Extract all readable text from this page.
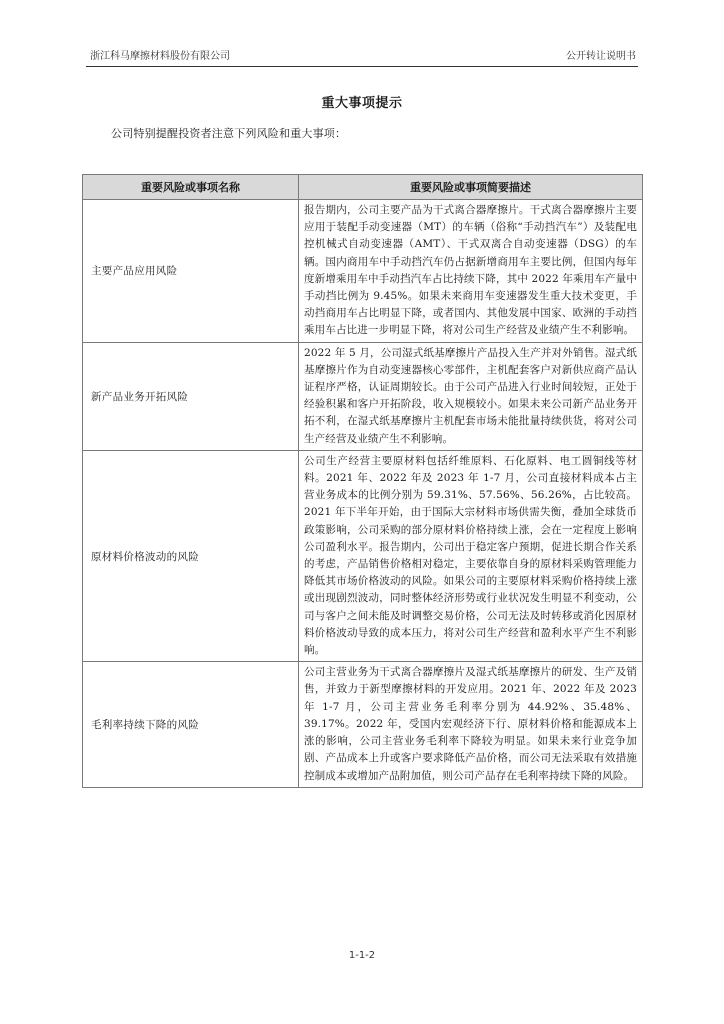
浙江科马摩擦材料股份有限公司	公开转让说明书
重大事项提示
公司特别提醒投资者注意下列风险和重大事项：
重要风险或事项名称	重要风险或事项简要描述
主要产品应用风险	报告期内，公司主要产品为干式离合器摩擦片。干式离合器摩擦片主要应用于装配手动变速器（MT）的车辆（俗称“手动挡汽车”）及装配电控机械式自动变速器（AMT）、干式双离合自动变速器（DSG）的车辆。国内商用车中手动挡汽车仍占据新增商用车主要比例，但国内每年度新增乘用车中手动挡汽车占比持续下降，其中 2022 年乘用车产量中手动挡比例为 9.45%。如果未来商用车变速器发生重大技术变更，手动挡商用车占比明显下降，或者国内、其他发展中国家、欧洲的手动挡乘用车占比进一步明显下降，将对公司生产经营及业绩产生不利影响。
新产品业务开拓风险	2022 年 5 月，公司湿式纸基摩擦片产品投入生产并对外销售。湿式纸基摩擦片作为自动变速器核心零部件，主机配套客户对新供应商产品认证程序严格，认证周期较长。由于公司产品进入行业时间较短，正处于经验积累和客户开拓阶段，收入规模较小。如果未来公司新产品业务开拓不利，在湿式纸基摩擦片主机配套市场未能批量持续供货，将对公司生产经营及业绩产生不利影响。
原材料价格波动的风险	公司生产经营主要原材料包括纤维原料、石化原料、电工圆铜线等材料。2021 年、2022 年及 2023 年 1-7 月，公司直接材料成本占主营业务成本的比例分别为 59.31%、57.56%、56.26%，占比较高。2021 年下半年开始，由于国际大宗材料市场供需失衡，叠加全球货币政策影响，公司采购的部分原材料价格持续上涨，会在一定程度上影响公司盈利水平。报告期内，公司出于稳定客户预期，促进长期合作关系的考虑，产品销售价格相对稳定，主要依靠自身的原材料采购管理能力降低其市场价格波动的风险。如果公司的主要原材料采购价格持续上涨或出现剧烈波动，同时整体经济形势或行业状况发生明显不利变动，公司与客户之间未能及时调整交易价格，公司无法及时转移或消化因原材料价格波动导致的成本压力，将对公司生产经营和盈利水平产生不利影响。
毛利率持续下降的风险	公司主营业务为干式离合器摩擦片及湿式纸基摩擦片的研发、生产及销售，并致力于新型摩擦材料的开发应用。2021 年、2022 年及 2023 年 1-7 月，公司主营业务毛利率分别为 44.92%、35.48%、39.17%。2022 年，受国内宏观经济下行、原材料价格和能源成本上涨的影响，公司主营业务毛利率下降较为明显。如果未来行业竞争加剧、产品成本上升或客户要求降低产品价格，而公司无法采取有效措施控制成本或增加产品附加值，则公司产品存在毛利率持续下降的风险。
1-1-2
